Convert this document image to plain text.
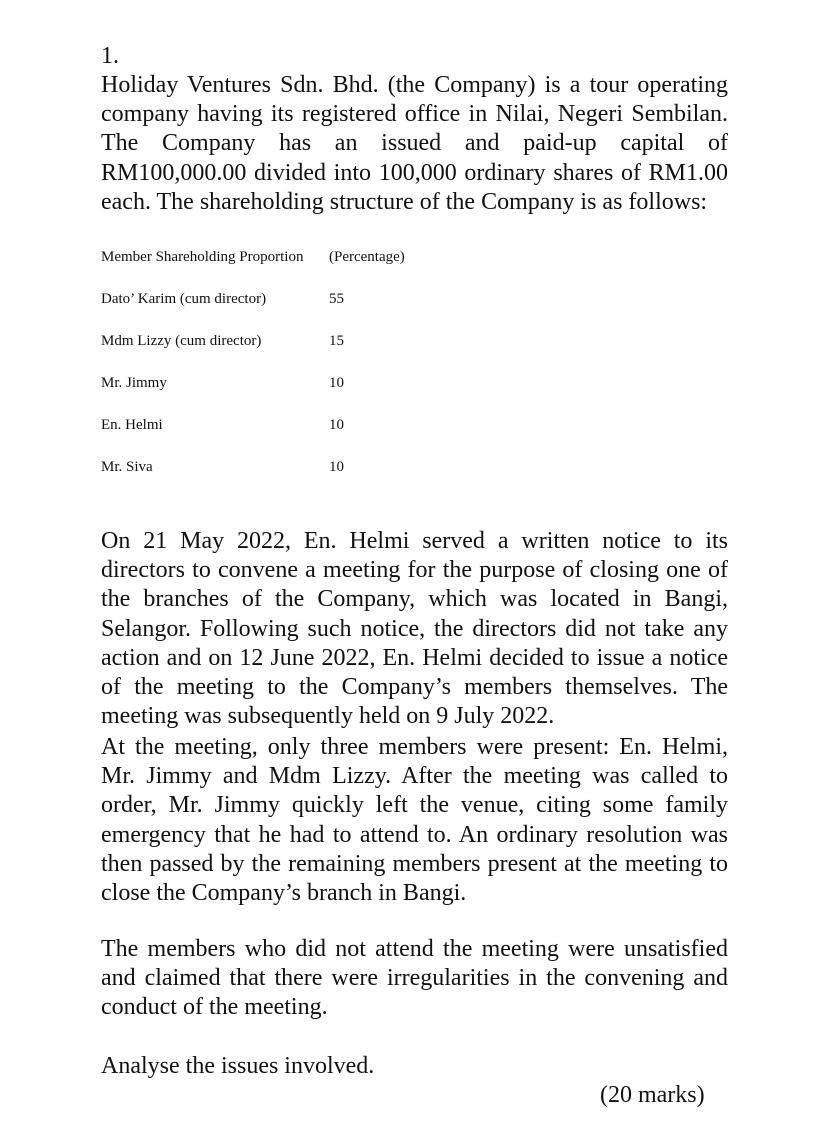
1.

Holiday Ventures Sdn. Bhd. (the Company) is a tour operating company having its registered office in Nilai, Negeri Sembilan. The Company has an issued and paid-up capital of RM100,000.00 divided into 100,000 ordinary shares of RM1.00 each. The shareholding structure of the Company is as follows:

Member Shareholding Proportion (Percentage)
Dato’ Karim (cum director)	55
Mdm Lizzy (cum director)	15
Mr. Jimmy	10
En. Helmi	10
Mr. Siva	10

On 21 May 2022, En. Helmi served a written notice to its directors to convene a meeting for the purpose of closing one of the branches of the Company, which was located in Bangi, Selangor. Following such notice, the directors did not take any action and on 12 June 2022, En. Helmi decided to issue a notice of the meeting to the Company’s members themselves. The meeting was subsequently held on 9 July 2022.

At the meeting, only three members were present: En. Helmi, Mr. Jimmy and Mdm Lizzy. After the meeting was called to order, Mr. Jimmy quickly left the venue, citing some family emergency that he had to attend to. An ordinary resolution was then passed by the remaining members present at the meeting to close the Company’s branch in Bangi.

The members who did not attend the meeting were unsatisfied and claimed that there were irregularities in the convening and conduct of the meeting.

Analyse the issues involved.

(20 marks)
